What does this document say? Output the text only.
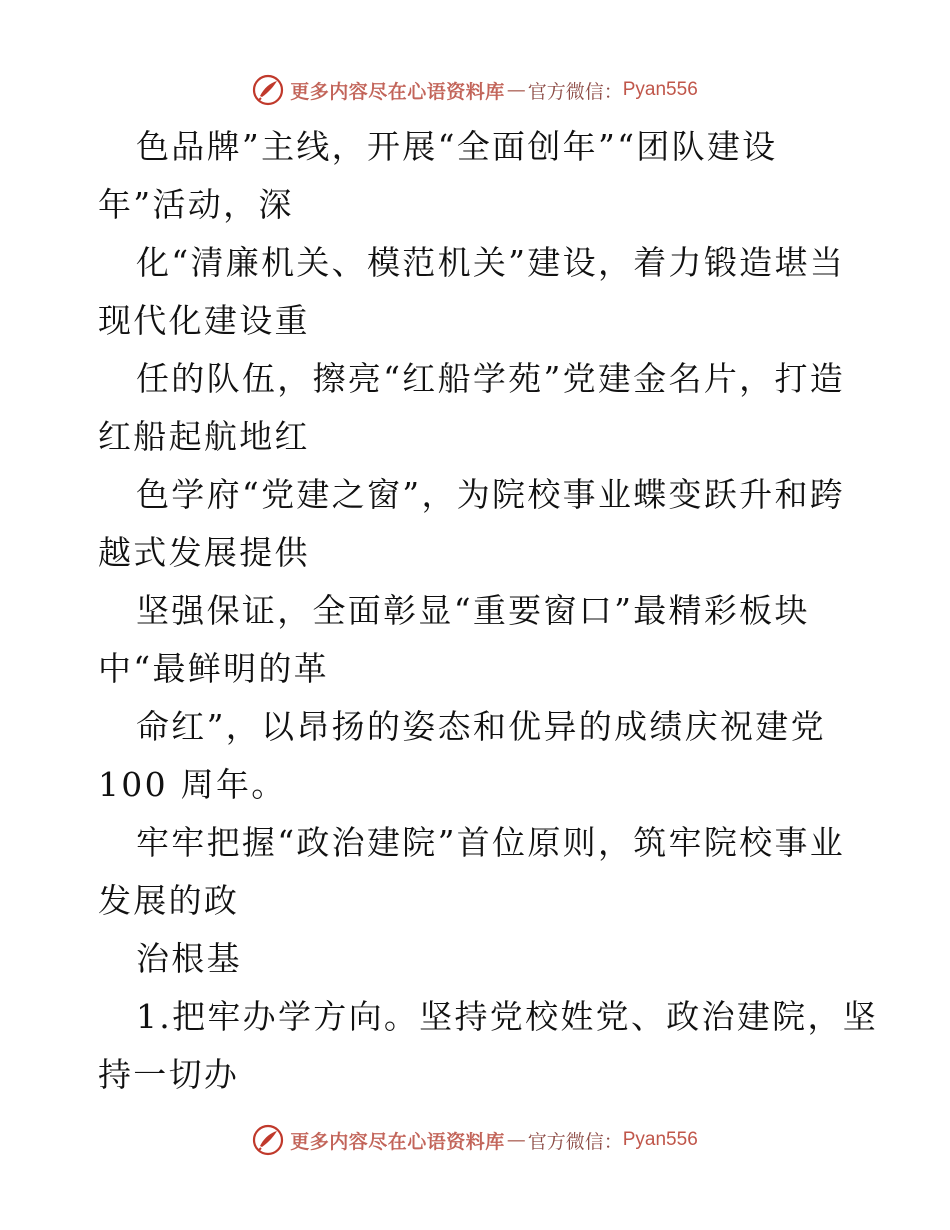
更多内容尽在心语资料库 — 官方微信： Pyan556
色品牌”主线，开展“全面创年”“团队建设
年”活动，深
化“清廉机关、模范机关”建设，着力锻造堪当
现代化建设重
任的队伍，擦亮“红船学苑”党建金名片，打造
红船起航地红
色学府“党建之窗”，为院校事业蝶变跃升和跨
越式发展提供
坚强保证，全面彰显“重要窗口”最精彩板块
中“最鲜明的革
命红”，以昂扬的姿态和优异的成绩庆祝建党
100 周年。
牢牢把握“政治建院”首位原则，筑牢院校事业
发展的政
治根基
1.把牢办学方向。坚持党校姓党、政治建院，坚
持一切办
更多内容尽在心语资料库 — 官方微信： Pyan556
